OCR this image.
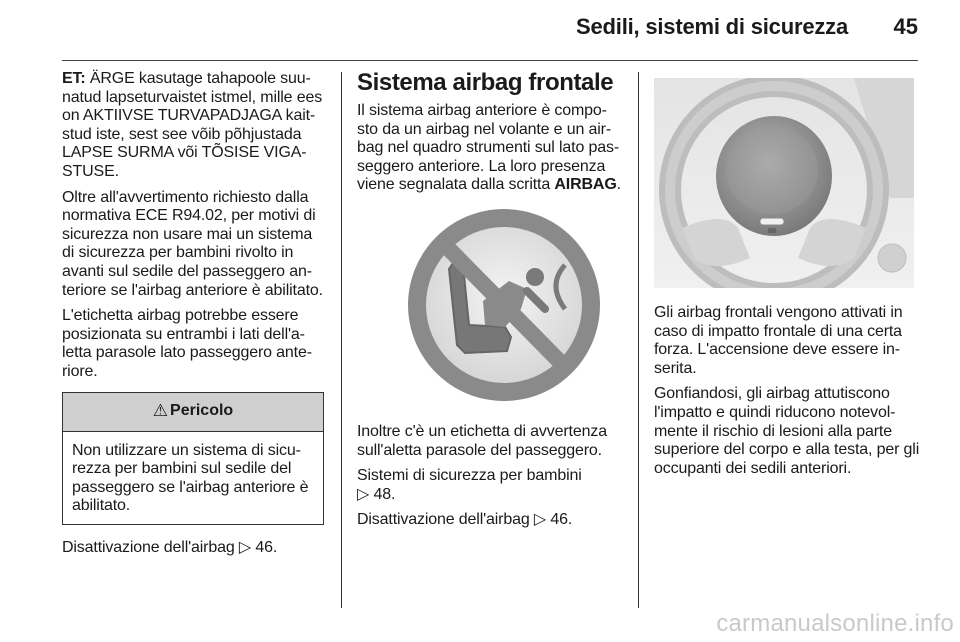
Sedili, sistemi di sicurezza 45

ET: ÄRGE kasutage tahapoole suu-
natud lapseturvaistet istmel, mille ees
on AKTIIVSE TURVAPADJAGA kait-
stud iste, sest see võib põhjustada
LAPSE SURMA või TÕSISE VIGA-
STUSE.

Oltre all'avvertimento richiesto dalla
normativa ECE R94.02, per motivi di
sicurezza non usare mai un sistema
di sicurezza per bambini rivolto in
avanti sul sedile del passeggero an-
teriore se l'airbag anteriore è abilitato.

L'etichetta airbag potrebbe essere
posizionata su entrambi i lati dell'a-
letta parasole lato passeggero ante-
riore.

⚠ Pericolo

Non utilizzare un sistema di sicu-
rezza per bambini sul sedile del
passeggero se l'airbag anteriore è
abilitato.

Disattivazione dell'airbag ▷ 46.

Sistema airbag frontale

Il sistema airbag anteriore è compo-
sto da un airbag nel volante e un air-
bag nel quadro strumenti sul lato pas-
seggero anteriore. La loro presenza
viene segnalata dalla scritta AIRBAG.

Inoltre c'è un etichetta di avvertenza
sull'aletta parasole del passeggero.

Sistemi di sicurezza per bambini
▷ 48.

Disattivazione dell'airbag ▷ 46.

Gli airbag frontali vengono attivati in
caso di impatto frontale di una certa
forza. L'accensione deve essere in-
serita.

Gonfiandosi, gli airbag attutiscono
l'impatto e quindi riducono notevol-
mente il rischio di lesioni alla parte
superiore del corpo e alla testa, per gli
occupanti dei sedili anteriori.

carmanualsonline.info
